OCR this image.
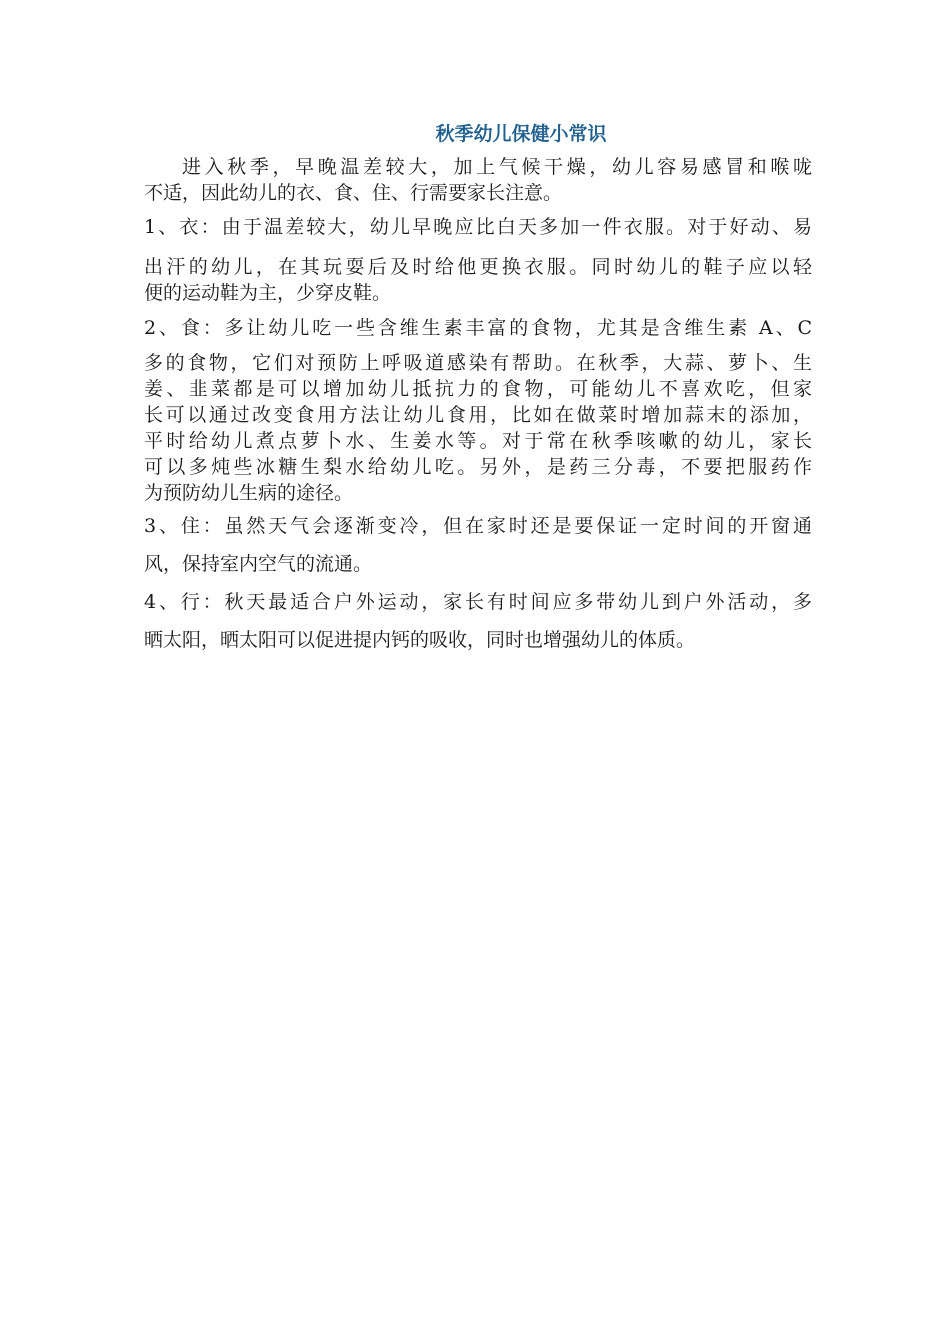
秋季幼儿保健小常识
进入秋季，早晚温差较大，加上气候干燥，幼儿容易感冒和喉咙
不适，因此幼儿的衣、食、住、行需要家长注意。
1、衣：由于温差较大，幼儿早晚应比白天多加一件衣服。对于好动、易
出汗的幼儿，在其玩耍后及时给他更换衣服。同时幼儿的鞋子应以轻
便的运动鞋为主，少穿皮鞋。
2、食：多让幼儿吃一些含维生素丰富的食物，尤其是含维生素 A、C
多的食物，它们对预防上呼吸道感染有帮助。在秋季，大蒜、萝卜、生
姜、韭菜都是可以增加幼儿抵抗力的食物，可能幼儿不喜欢吃，但家
长可以通过改变食用方法让幼儿食用，比如在做菜时增加蒜末的添加，
平时给幼儿煮点萝卜水、生姜水等。对于常在秋季咳嗽的幼儿，家长
可以多炖些冰糖生梨水给幼儿吃。另外，是药三分毒，不要把服药作
为预防幼儿生病的途径。
3、住：虽然天气会逐渐变冷，但在家时还是要保证一定时间的开窗通
风，保持室内空气的流通。
4、行：秋天最适合户外运动，家长有时间应多带幼儿到户外活动，多
晒太阳，晒太阳可以促进提内钙的吸收，同时也增强幼儿的体质。
